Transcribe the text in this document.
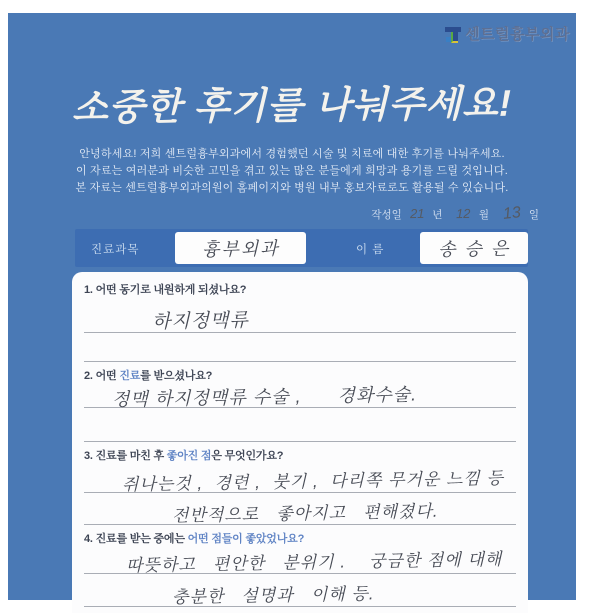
센트럴흉부외과
소중한 후기를 나눠주세요!
안녕하세요! 저희 센트럴흉부외과에서 경험했던 시술 및 치료에 대한 후기를 나눠주세요.
이 자료는 여러분과 비슷한 고민을 겪고 있는 많은 분들에게 희망과 용기를 드릴 것입니다.
본 자료는 센트럴흉부외과의원이 홈페이지와 병원 내부 홍보자료로도 활용될 수 있습니다.
작성일 21 년 12 월 13 일
진료과목	흉부외과	이 름	송 승 은
1. 어떤 동기로 내원하게 되셨나요?
하지정맥류
2. 어떤 진료를 받으셨나요?
정맥 하지정맥류 수술 ,      경화수술.
3. 진료를 마친 후 좋아진 점은 무엇인가요?
쥐나는것 ,  경련 ,  붓기 ,  다리쪽 무거운 느낌 등
전반적으로   좋아지고   편해졌다.
4. 진료를 받는 중에는 어떤 점들이 좋았었나요?
따뜻하고   편안한   분위기 .    궁금한 점에 대해
충분한   설명과   이해 등.
